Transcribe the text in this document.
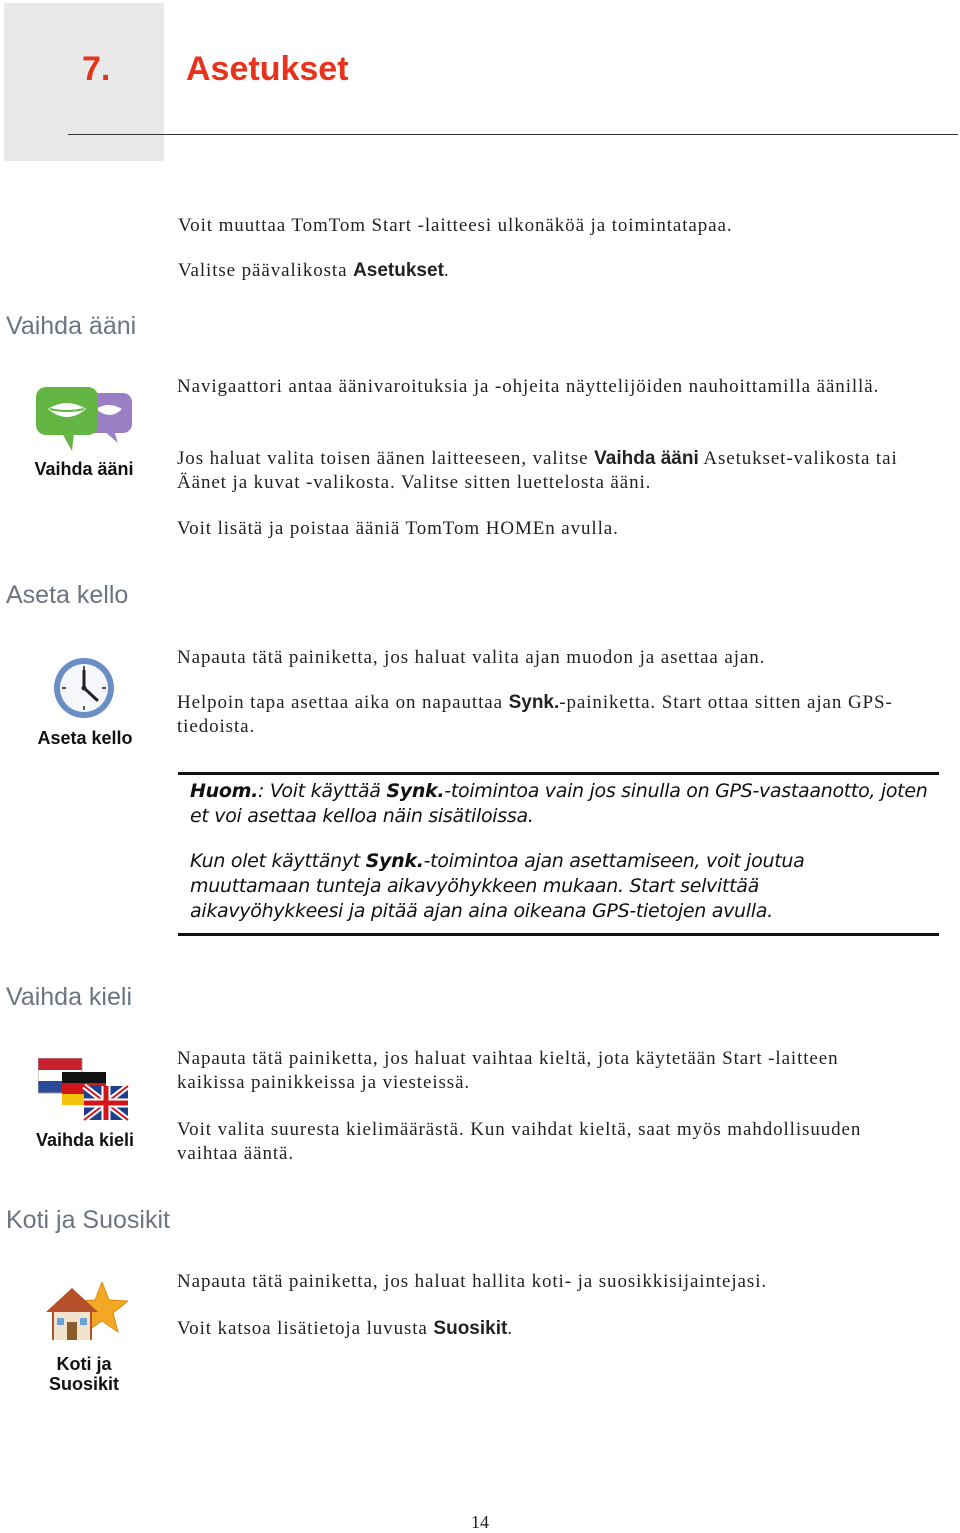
7. Asetukset
Voit muuttaa TomTom Start -laitteesi ulkonäköä ja toimintatapaa.
Valitse päävalikosta Asetukset.
Vaihda ääni
Vaihda ääni
Navigaattori antaa äänivaroituksia ja -ohjeita näyttelijöiden nauhoittamilla äänillä.
Jos haluat valita toisen äänen laitteeseen, valitse Vaihda ääni Asetukset-valikosta tai Äänet ja kuvat -valikosta. Valitse sitten luettelosta ääni.
Voit lisätä ja poistaa ääniä TomTom HOMEn avulla.
Aseta kello
Aseta kello
Napauta tätä painiketta, jos haluat valita ajan muodon ja asettaa ajan.
Helpoin tapa asettaa aika on napauttaa Synk.-painiketta. Start ottaa sitten ajan GPS-tiedoista.
Huom.: Voit käyttää Synk.-toimintoa vain jos sinulla on GPS-vastaanotto, joten et voi asettaa kelloa näin sisätiloissa.
Kun olet käyttänyt Synk.-toimintoa ajan asettamiseen, voit joutua muuttamaan tunteja aikavyöhykkeen mukaan. Start selvittää aikavyöhykkeesi ja pitää ajan aina oikeana GPS-tietojen avulla.
Vaihda kieli
Vaihda kieli
Napauta tätä painiketta, jos haluat vaihtaa kieltä, jota käytetään Start -laitteen kaikissa painikkeissa ja viesteissä.
Voit valita suuresta kielimäärästä. Kun vaihdat kieltä, saat myös mahdollisuuden vaihtaa ääntä.
Koti ja Suosikit
Koti ja
Suosikit
Napauta tätä painiketta, jos haluat hallita koti- ja suosikkisijaintejasi.
Voit katsoa lisätietoja luvusta Suosikit.
14
